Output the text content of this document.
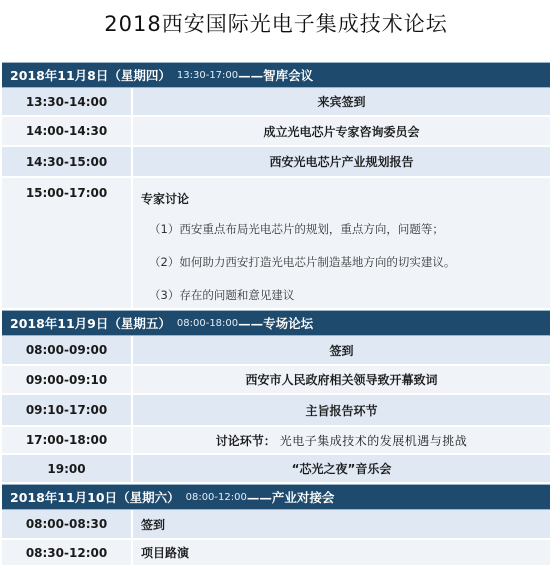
2018西安国际光电子集成技术论坛
2018年11月8日（星期四） 13:30-17:00 —— 智库会议
13:30-14:00	来宾签到
14:00-14:30	成立光电芯片专家咨询委员会
14:30-15:00	西安光电芯片产业规划报告
15:00-17:00	专家讨论
（1）西安重点布局光电芯片的规划，重点方向，问题等；
（2）如何助力西安打造光电芯片制造基地方向的切实建议。
（3）存在的问题和意见建议
2018年11月9日（星期五） 08:00-18:00 —— 专场论坛
08:00-09:00	签到
09:00-09:10	西安市人民政府相关领导致开幕致词
09:10-17:00	主旨报告环节
17:00-18:00	讨论环节： 光电子集成技术的发展机遇与挑战
19:00	“芯光之夜”音乐会
2018年11月10日（星期六） 08:00-12:00 —— 产业对接会
08:00-08:30	签到
08:30-12:00	项目路演
